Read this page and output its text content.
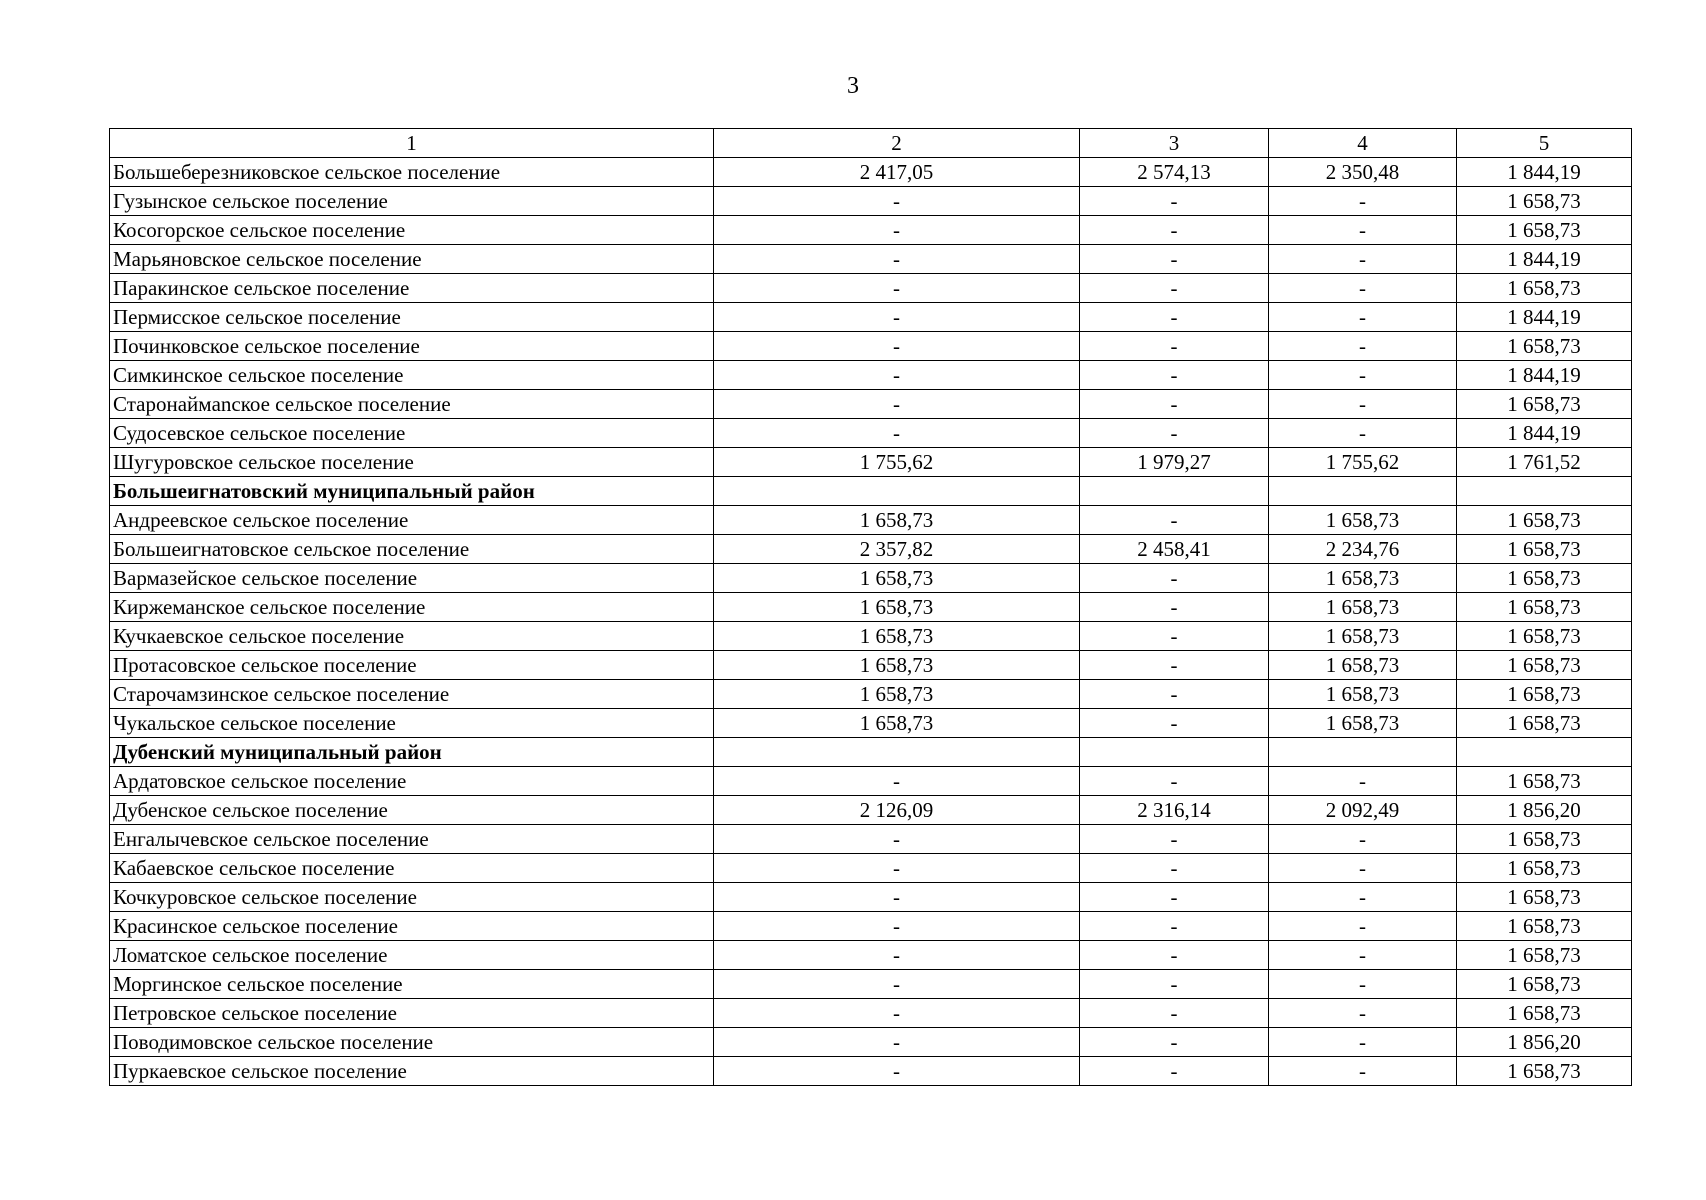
3
1	2	3	4	5
Большеберезниковское сельское поселение	2 417,05	2 574,13	2 350,48	1 844,19
Гузынское сельское поселение	-	-	-	1 658,73
Косогорское сельское поселение	-	-	-	1 658,73
Марьяновское сельское поселение	-	-	-	1 844,19
Паракинское сельское поселение	-	-	-	1 658,73
Пермисское сельское поселение	-	-	-	1 844,19
Починковское сельское поселение	-	-	-	1 658,73
Симкинское сельское поселение	-	-	-	1 844,19
Старонаймanское сельское поселение	-	-	-	1 658,73
Судосевское сельское поселение	-	-	-	1 844,19
Шугуровское сельское поселение	1 755,62	1 979,27	1 755,62	1 761,52
Большеигнатовский муниципальный район				
Андреевское сельское поселение	1 658,73	-	1 658,73	1 658,73
Большеигнатовское сельское поселение	2 357,82	2 458,41	2 234,76	1 658,73
Вармазейское сельское поселение	1 658,73	-	1 658,73	1 658,73
Киржеманское сельское поселение	1 658,73	-	1 658,73	1 658,73
Кучкаевское сельское поселение	1 658,73	-	1 658,73	1 658,73
Протасовское сельское поселение	1 658,73	-	1 658,73	1 658,73
Старочамзинское сельское поселение	1 658,73	-	1 658,73	1 658,73
Чукальское сельское поселение	1 658,73	-	1 658,73	1 658,73
Дубенский муниципальный район				
Ардатовское сельское поселение	-	-	-	1 658,73
Дубенское сельское поселение	2 126,09	2 316,14	2 092,49	1 856,20
Енгалычевское сельское поселение	-	-	-	1 658,73
Кабаевское сельское поселение	-	-	-	1 658,73
Кочкуровское сельское поселение	-	-	-	1 658,73
Красинское сельское поселение	-	-	-	1 658,73
Ломатское сельское поселение	-	-	-	1 658,73
Моргинское сельское поселение	-	-	-	1 658,73
Петровское сельское поселение	-	-	-	1 658,73
Поводимовское сельское поселение	-	-	-	1 856,20
Пуркаевское сельское поселение	-	-	-	1 658,73
